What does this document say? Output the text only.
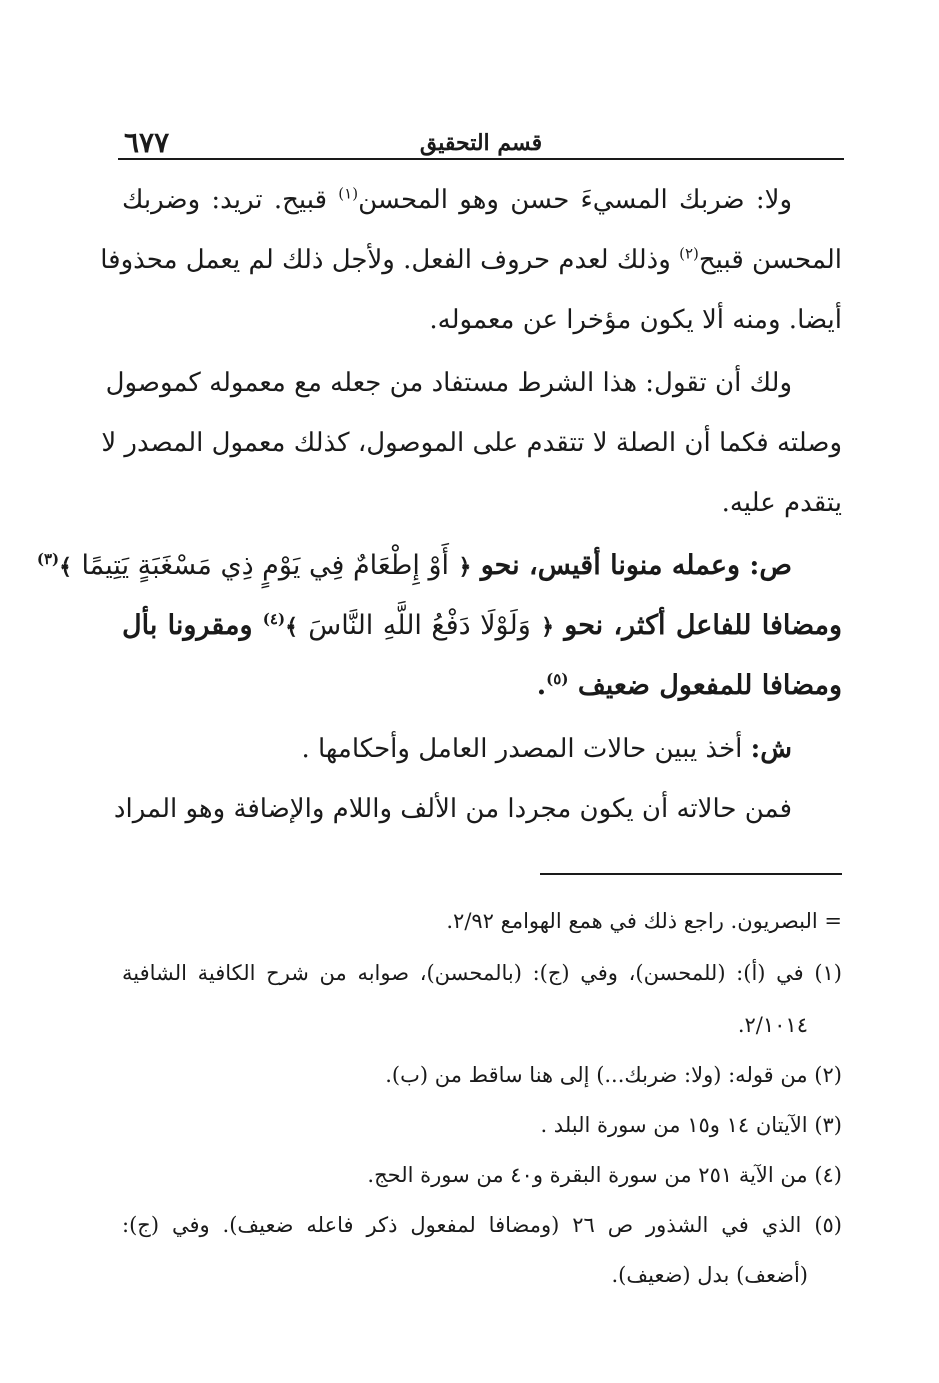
٦٧٧	قسم التحقيق
ولا: ضربك المسيءَ حسن وهو المحسن$^{(١)}$ قبيح. تريد: وضربك
المحسن قبيح$^{(٢)}$ وذلك لعدم حروف الفعل. ولأجل ذلك لم يعمل محذوفا
أيضا. ومنه ألا يكون مؤخرا عن معموله.
ولك أن تقول: هذا الشرط مستفاد من جعله مع معموله كموصول
وصلته فكما أن الصلة لا تتقدم على الموصول، كذلك معمول المصدر لا
يتقدم عليه.
ص: وعمله منونا أقيس، نحو ﴿ أَوْ إِطْعَامٌ فِي يَوْمٍ ذِي مَسْغَبَةٍ يَتِيمًا ﴾$^{(٣)}$
ومضافا للفاعل أكثر، نحو ﴿ وَلَوْلَا دَفْعُ اللَّهِ النَّاسَ ﴾$^{(٤)}$ ومقرونا بأل
ومضافا للمفعول ضعيف $^{(٥)}$.
ش: أخذ يبين حالات المصدر العامل وأحكامها .
فمن حالاته أن يكون مجردا من الألف واللام والإضافة وهو المراد
= البصريون. راجع ذلك في همع الهوامع ٢/٩٢.
(١) في (أ): (للمحسن)، وفي (ج): (بالمحسن)، صوابه من شرح الكافية الشافية
٢/١٠١٤.
(٢) من قوله: (ولا: ضربك...) إلى هنا ساقط من (ب).
(٣) الآيتان ١٤ و١٥ من سورة البلد .
(٤) من الآية ٢٥١ من سورة البقرة و٤٠ من سورة الحج.
(٥) الذي في الشذور ص ٢٦ (ومضافا لمفعول ذكر فاعله ضعيف). وفي (ج):
(أضعف) بدل (ضعيف).
